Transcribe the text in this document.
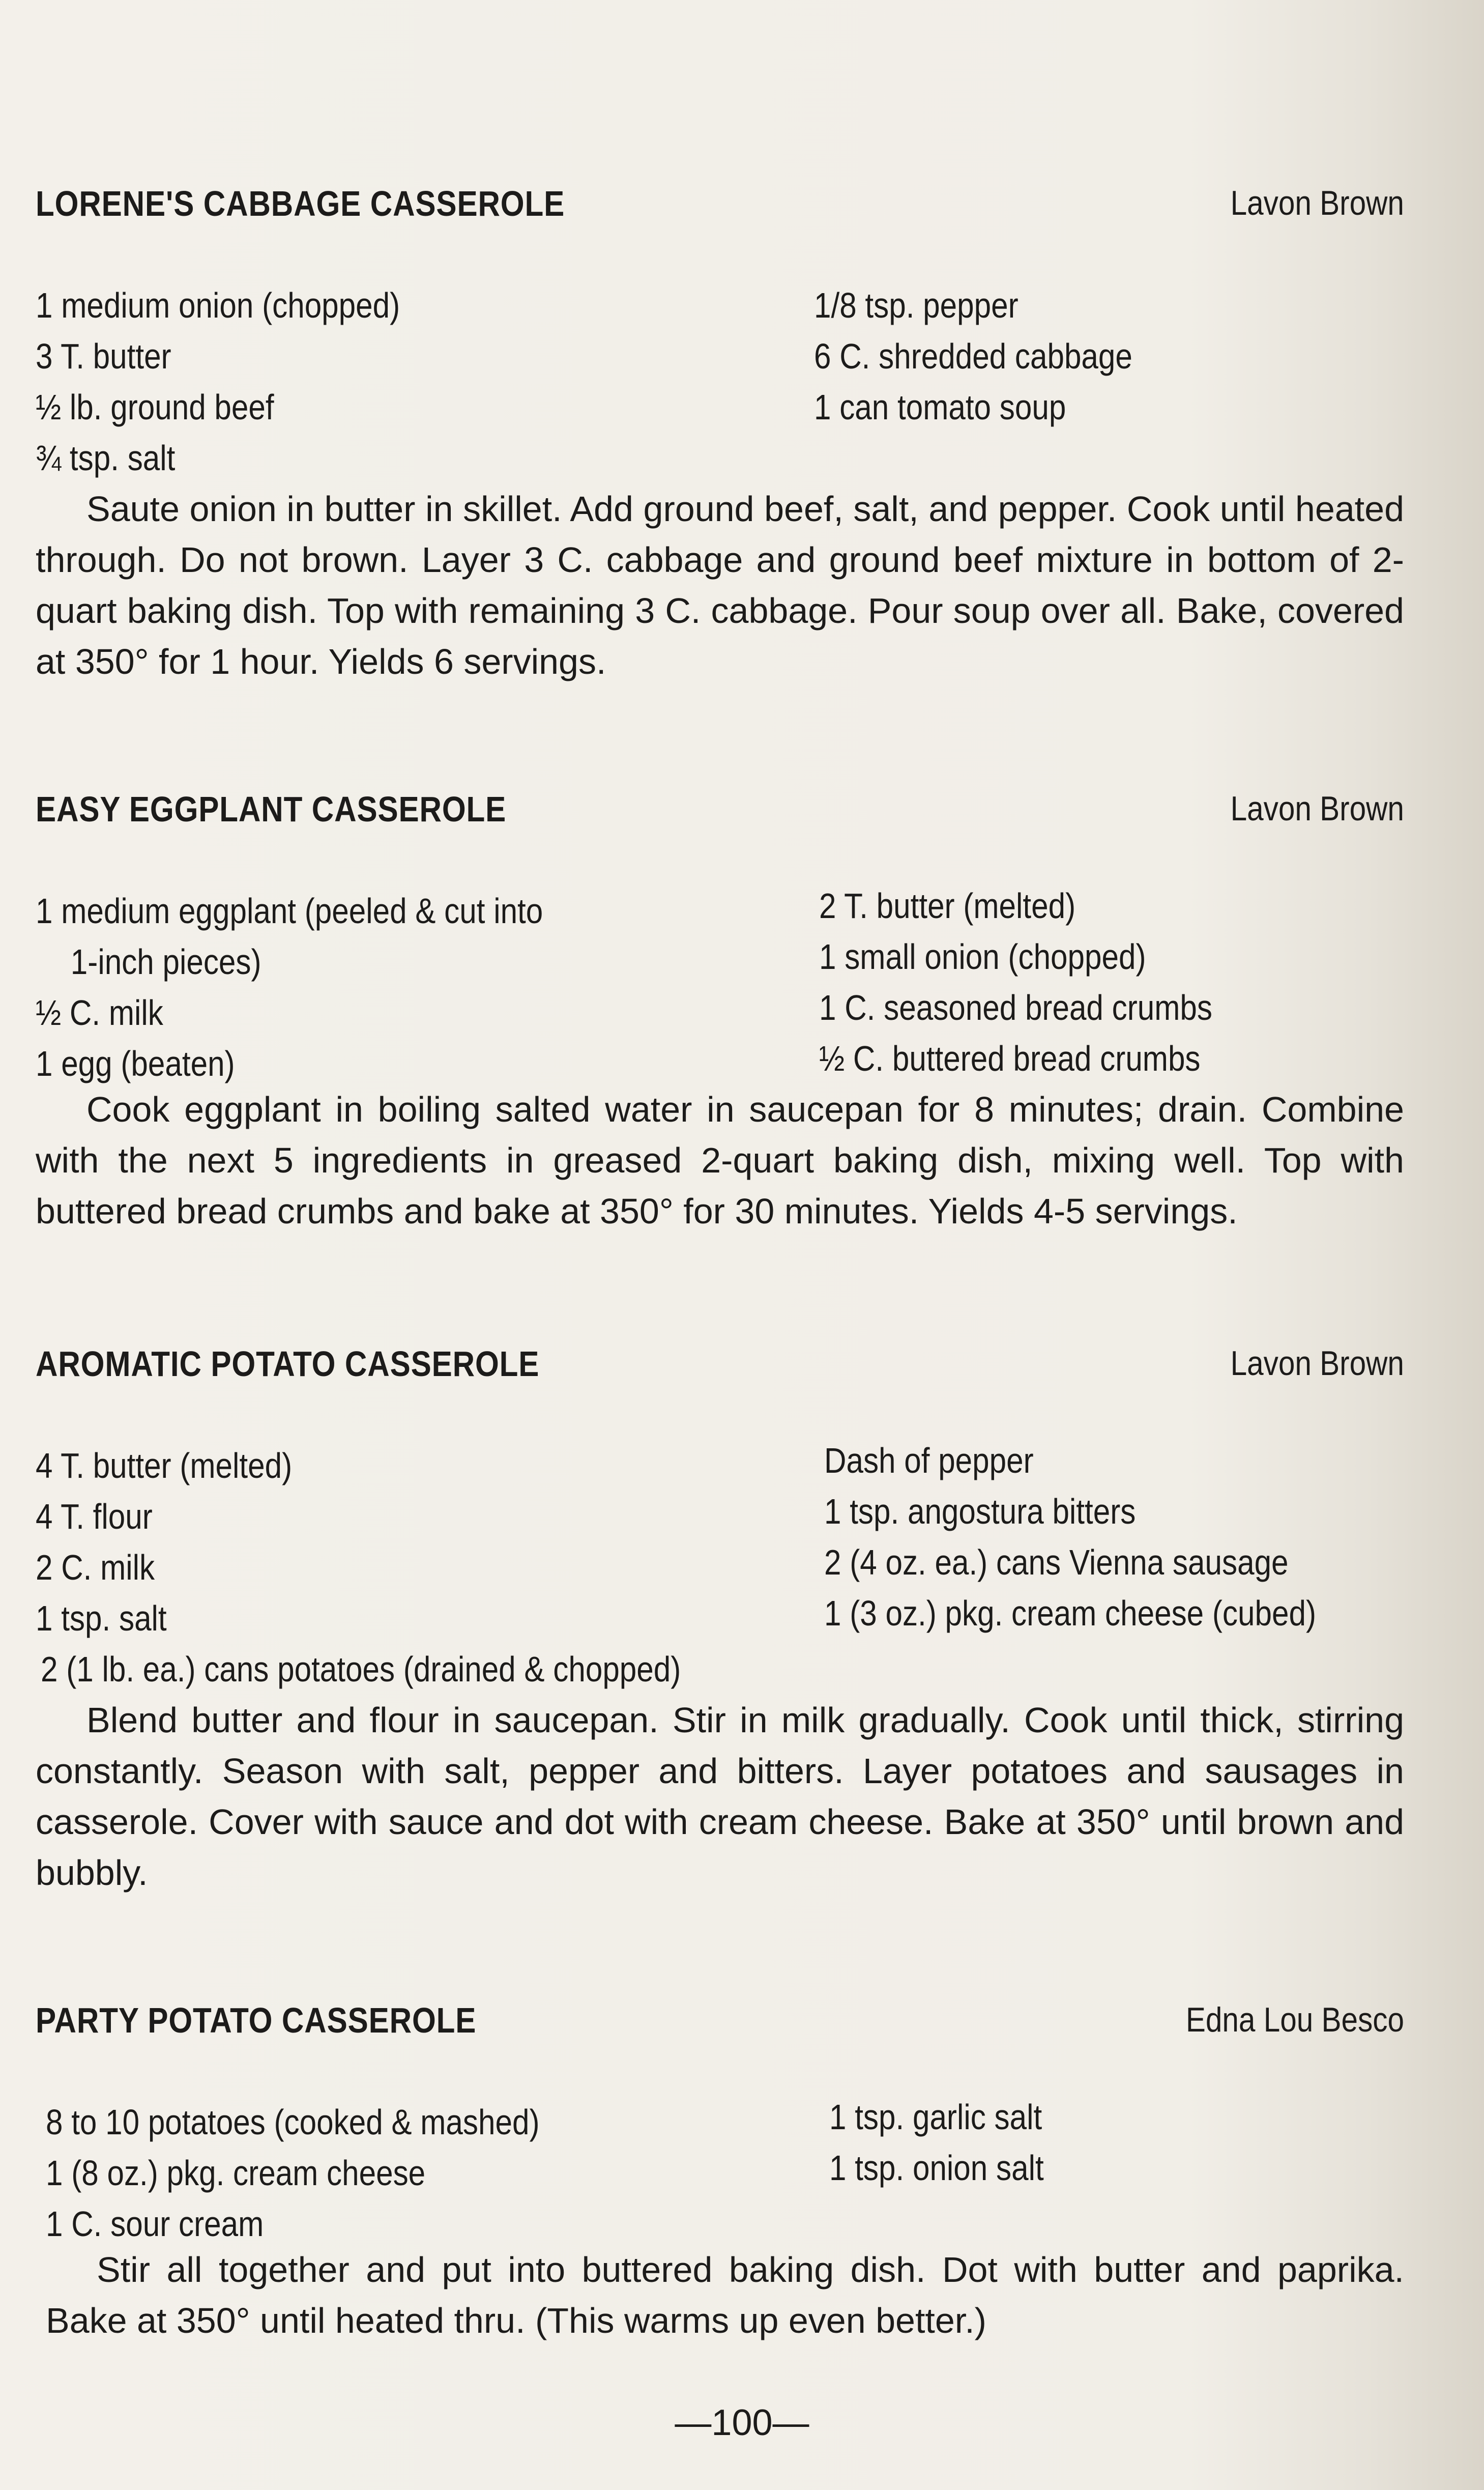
LORENE'S CABBAGE CASSEROLE	Lavon Brown
1 medium onion (chopped)
3 T. butter
½ lb. ground beef
¾ tsp. salt
1/8 tsp. pepper
6 C. shredded cabbage
1 can tomato soup
Saute onion in butter in skillet. Add ground beef, salt, and pepper. Cook until heated through. Do not brown. Layer 3 C. cabbage and ground beef mixture in bottom of 2-quart baking dish. Top with remaining 3 C. cabbage. Pour soup over all. Bake, covered at 350° for 1 hour. Yields 6 servings.
EASY EGGPLANT CASSEROLE	Lavon Brown
1 medium eggplant (peeled & cut into
1-inch pieces)
½ C. milk
1 egg (beaten)
2 T. butter (melted)
1 small onion (chopped)
1 C. seasoned bread crumbs
½ C. buttered bread crumbs
Cook eggplant in boiling salted water in saucepan for 8 minutes; drain. Combine with the next 5 ingredients in greased 2-quart baking dish, mixing well. Top with buttered bread crumbs and bake at 350° for 30 minutes. Yields 4-5 servings.
AROMATIC POTATO CASSEROLE	Lavon Brown
4 T. butter (melted)
4 T. flour
2 C. milk
1 tsp. salt
2 (1 lb. ea.) cans potatoes (drained & chopped)
Dash of pepper
1 tsp. angostura bitters
2 (4 oz. ea.) cans Vienna sausage
1 (3 oz.) pkg. cream cheese (cubed)
Blend butter and flour in saucepan. Stir in milk gradually. Cook until thick, stirring constantly. Season with salt, pepper and bitters. Layer potatoes and sausages in casserole. Cover with sauce and dot with cream cheese. Bake at 350° until brown and bubbly.
PARTY POTATO CASSEROLE	Edna Lou Besco
8 to 10 potatoes (cooked & mashed)
1 (8 oz.) pkg. cream cheese
1 C. sour cream
1 tsp. garlic salt
1 tsp. onion salt
Stir all together and put into buttered baking dish. Dot with butter and paprika. Bake at 350° until heated thru. (This warms up even better.)
—100—
